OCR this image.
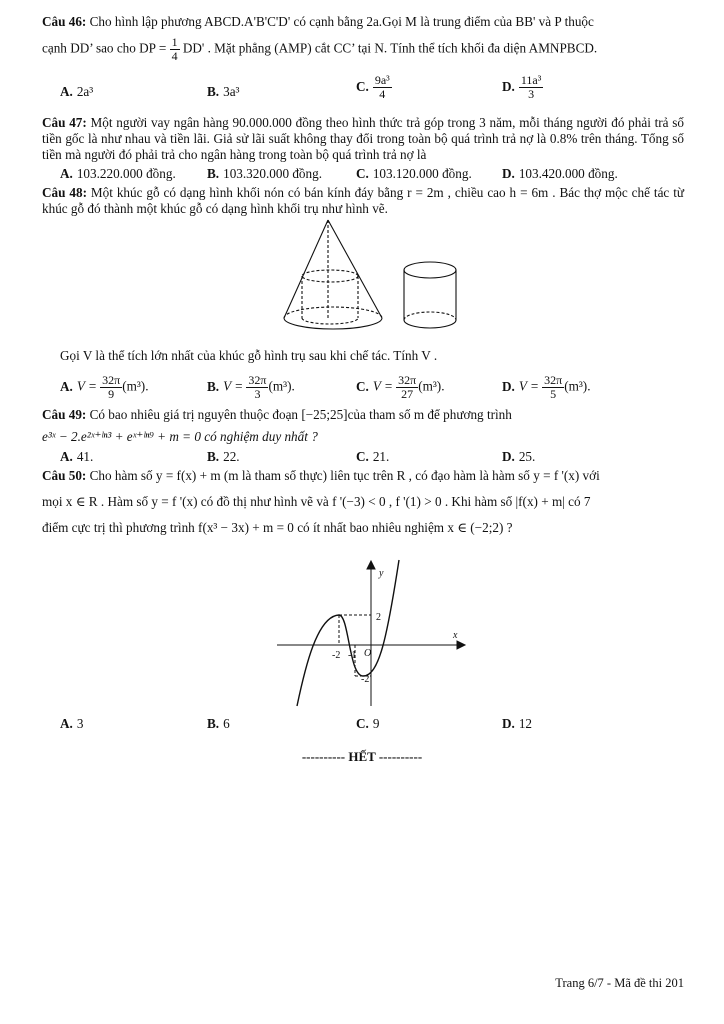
Câu 46: Cho hình lập phương ABCD.A'B'C'D' có cạnh bằng 2a.Gọi M là trung điểm của BB' và P thuộc

cạnh DD’ sao cho DP = $\frac{1}{4} DD'$ . Mặt phẳng (AMP) cắt CC’ tại N. Tính thể tích khối đa diện AMNPBCD.

A. 2a³	B. 3a³	C. $\frac{\text{9a³}}{4}$	D. $\frac{\text{11a³}}{3}$

Câu 47: Một người vay ngân hàng 90.000.000 đồng theo hình thức trả góp trong 3 năm, mỗi tháng người đó phải trả số tiền gốc là như nhau và tiền lãi. Giả sử lãi suất không thay đổi trong toàn bộ quá trình trả nợ là 0.8% trên tháng. Tổng số tiền mà người đó phải trả cho ngân hàng trong toàn bộ quá trình trả nợ là

A. 103.220.000 đồng. B. 103.320.000 đồng.	C. 103.120.000 đồng. D. 103.420.000 đồng.

Câu 48: Một khúc gỗ có dạng hình khối nón có bán kính đáy bằng r = 2m , chiều cao h = 6m . Bác thợ mộc chế tác từ khúc gỗ đó thành một khúc gỗ có dạng hình khối trụ như hình vẽ.

Gọi V là thể tích lớn nhất của khúc gỗ hình trụ sau khi chế tác. Tính V .

A. $V = \frac{32\pi}{9} (m^3)$.	B. $V = \frac{32\pi}{3} (m^3)$.	C. $V = \frac{32\pi}{27} (m^3)$.	D. $V = \frac{32\pi}{5} (m^3)$.

Câu 49: Có bao nhiêu giá trị nguyên thuộc đoạn [−25;25]của tham số m để phương trình

e³ˣ − 2.e²ˣ⁺ˡⁿ³ + eˣ⁺ˡⁿ⁹ + m = 0 có nghiệm duy nhất ?

A. 41.	B. 22.	C. 21.	D. 25.

Câu 50: Cho hàm số y = f(x) + m (m là tham số thực) liên tục trên R , có đạo hàm là hàm số y = f '(x) với

mọi x ∈ R . Hàm số y = f '(x) có đồ thị như hình vẽ và f '(−3) < 0 , f '(1) > 0 . Khi hàm số |f(x) + m| có 7

điểm cực trị thì phương trình f(x³ − 3x) + m = 0 có ít nhất bao nhiêu nghiệm x ∈ (−2;2) ?

y
x
2
-2 -1 O
-2
A. 3	B. 6	C. 9	D. 12
---------- HẾT ----------
Trang 6/7 - Mã đề thi 201
